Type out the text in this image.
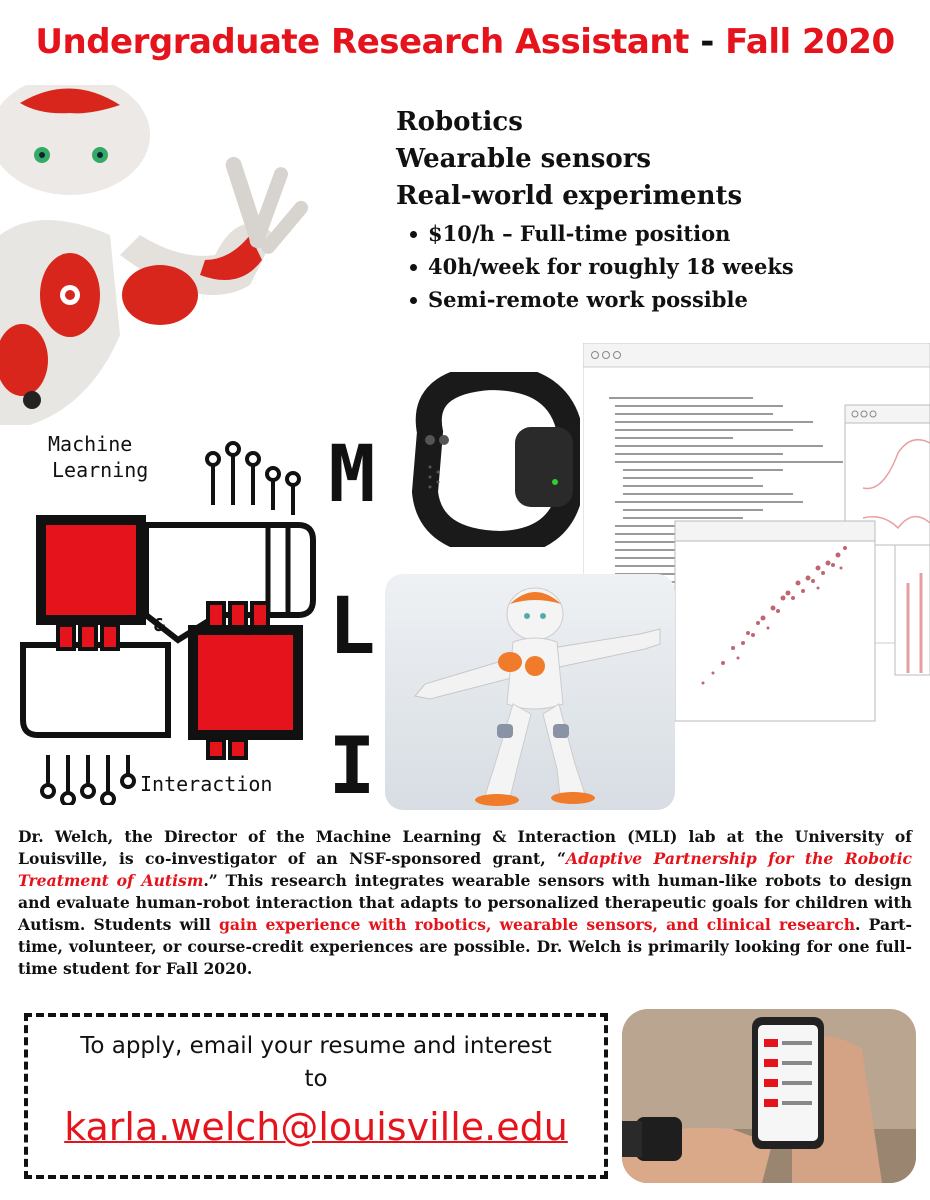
Undergraduate Research Assistant - Fall 2020
Robotics
Wearable sensors
Real-world experiments
$10/h – Full-time position
40h/week for roughly 18 weeks
Semi-remote work possible
Machine
Learning
&
Interaction
M
L
I
Dr. Welch, the Director of the Machine Learning & Interaction (MLI) lab at the University of Louisville, is co-investigator of an NSF-sponsored grant, “Adaptive Partnership for the Robotic Treatment of Autism.” This research integrates wearable sensors with human-like robots to design and evaluate human-robot interaction that adapts to personalized therapeutic goals for children with Autism. Students will gain experience with robotics, wearable sensors, and clinical research. Part-time, volunteer, or course-credit experiences are possible. Dr. Welch is primarily looking for one full-time student for Fall 2020.
To apply, email your resume and interest
to
karla.welch@louisville.edu
